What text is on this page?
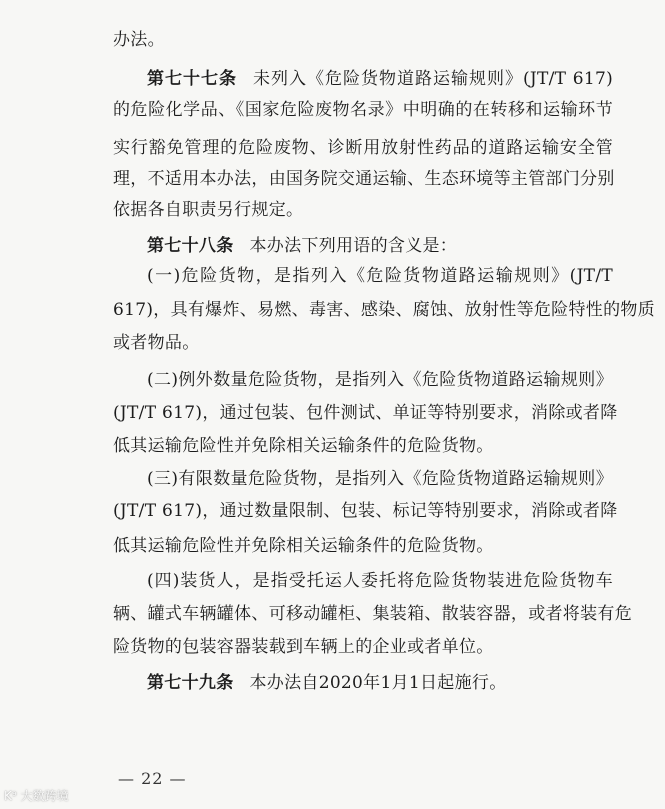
办法。
第七十七条 未列入《危险货物道路运输规则》(JT/T 617)
的危险化学品、《国家危险废物名录》中明确的在转移和运输环节
实行豁免管理的危险废物、诊断用放射性药品的道路运输安全管
理，不适用本办法，由国务院交通运输、生态环境等主管部门分别
依据各自职责另行规定。
第七十八条 本办法下列用语的含义是：
(一)危险货物，是指列入《危险货物道路运输规则》(JT/T
617)，具有爆炸、易燃、毒害、感染、腐蚀、放射性等危险特性的物质
或者物品。
(二)例外数量危险货物，是指列入《危险货物道路运输规则》
(JT/T 617)，通过包装、包件测试、单证等特别要求，消除或者降
低其运输危险性并免除相关运输条件的危险货物。
(三)有限数量危险货物，是指列入《危险货物道路运输规则》
(JT/T 617)，通过数量限制、包装、标记等特别要求，消除或者降
低其运输危险性并免除相关运输条件的危险货物。
(四)装货人，是指受托运人委托将危险货物装进危险货物车
辆、罐式车辆罐体、可移动罐柜、集装箱、散装容器，或者将装有危
险货物的包装容器装载到车辆上的企业或者单位。
第七十九条 本办法自2020年1月1日起施行。
— 22 —
K⁹ 大数跨境
